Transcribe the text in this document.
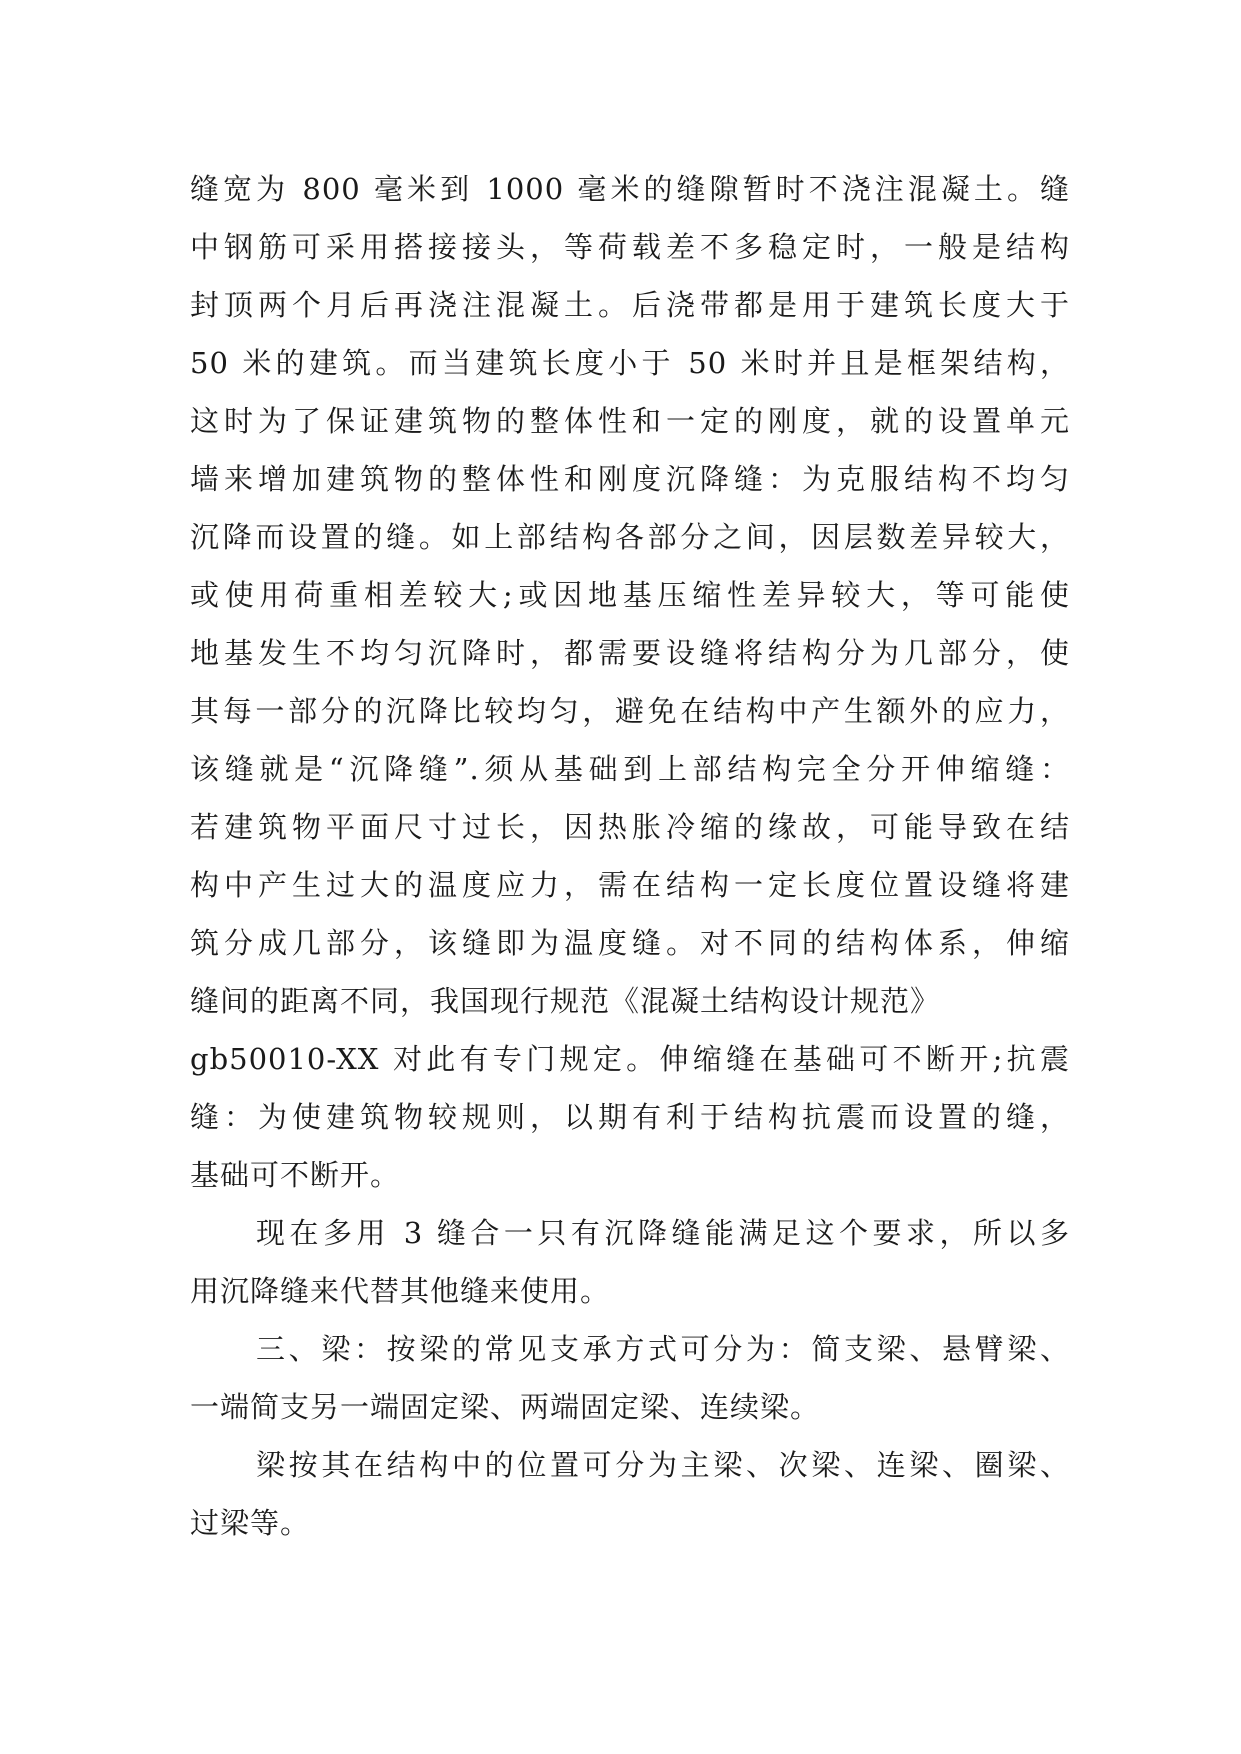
缝宽为 800 毫米到 1000 毫米的缝隙暂时不浇注混凝土。缝
中钢筋可采用搭接接头，等荷载差不多稳定时，一般是结构
封顶两个月后再浇注混凝土。后浇带都是用于建筑长度大于
50 米的建筑。而当建筑长度小于 50 米时并且是框架结构，
这时为了保证建筑物的整体性和一定的刚度，就的设置单元
墙来增加建筑物的整体性和刚度沉降缝：为克服结构不均匀
沉降而设置的缝。如上部结构各部分之间，因层数差异较大，
或使用荷重相差较大;或因地基压缩性差异较大，等可能使
地基发生不均匀沉降时，都需要设缝将结构分为几部分，使
其每一部分的沉降比较均匀，避免在结构中产生额外的应力，
该缝就是“沉降缝”.须从基础到上部结构完全分开伸缩缝：
若建筑物平面尺寸过长，因热胀冷缩的缘故，可能导致在结
构中产生过大的温度应力，需在结构一定长度位置设缝将建
筑分成几部分，该缝即为温度缝。对不同的结构体系，伸缩
缝间的距离不同，我国现行规范《混凝土结构设计规范》
gb50010-XX 对此有专门规定。伸缩缝在基础可不断开;抗震
缝：为使建筑物较规则，以期有利于结构抗震而设置的缝，
基础可不断开。
现在多用 3 缝合一只有沉降缝能满足这个要求，所以多
用沉降缝来代替其他缝来使用。
三、梁：按梁的常见支承方式可分为：简支梁、悬臂梁、
一端简支另一端固定梁、两端固定梁、连续梁。
梁按其在结构中的位置可分为主梁、次梁、连梁、圈梁、
过梁等。
